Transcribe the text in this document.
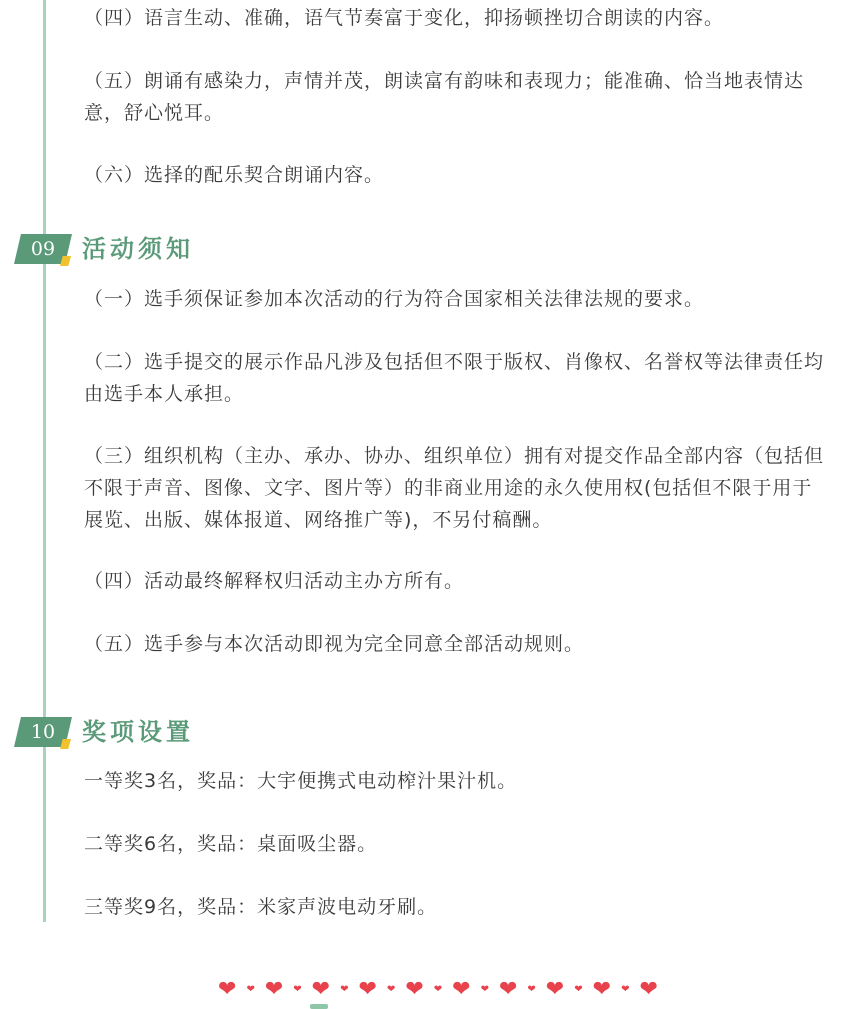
（四）语言生动、准确，语气节奏富于变化，抑扬顿挫切合朗读的内容。

（五）朗诵有感染力，声情并茂，朗读富有韵味和表现力；能准确、恰当地表情达意，舒心悦耳。

（六）选择的配乐契合朗诵内容。

09	活动须知

（一）选手须保证参加本次活动的行为符合国家相关法律法规的要求。

（二）选手提交的展示作品凡涉及包括但不限于版权、肖像权、名誉权等法律责任均由选手本人承担。

（三）组织机构（主办、承办、协办、组织单位）拥有对提交作品全部内容（包括但不限于声音、图像、文字、图片等）的非商业用途的永久使用权(包括但不限于用于展览、出版、媒体报道、网络推广等)，不另付稿酬。

（四）活动最终解释权归活动主办方所有。

（五）选手参与本次活动即视为完全同意全部活动规则。

10	奖项设置

一等奖3名，奖品：大宇便携式电动榨汁果汁机。

二等奖6名，奖品：桌面吸尘器。

三等奖9名，奖品：米家声波电动牙刷。

❤ ❤ ❤ ❤ ❤ ❤ ❤ ❤ ❤ ❤ ❤ ❤ ❤ ❤ ❤ ❤ ❤ ❤ ❤
